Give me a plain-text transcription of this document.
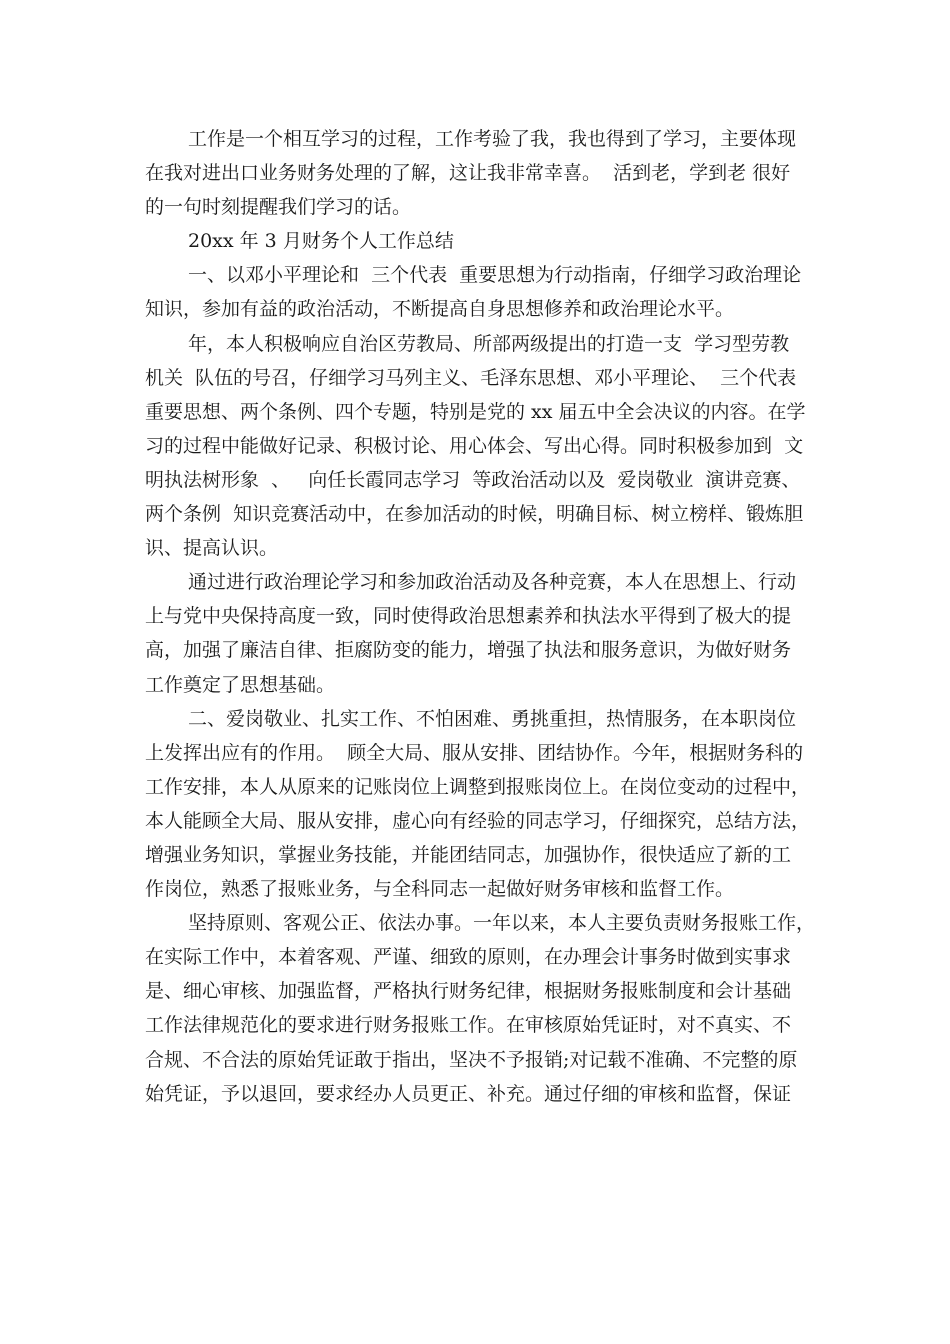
工作是一个相互学习的过程，工作考验了我，我也得到了学习，主要体现
在我对进出口业务财务处理的了解，这让我非常幸喜。  活到老，学到老 很好
的一句时刻提醒我们学习的话。
20xx 年 3 月财务个人工作总结
一、以邓小平理论和  三个代表  重要思想为行动指南，仔细学习政治理论
知识，参加有益的政治活动，不断提高自身思想修养和政治理论水平。
年，本人积极响应自治区劳教局、所部两级提出的打造一支  学习型劳教
机关  队伍的号召，仔细学习马列主义、毛泽东思想、邓小平理论、  三个代表
重要思想、两个条例、四个专题，特别是党的 xx 届五中全会决议的内容。在学
习的过程中能做好记录、积极讨论、用心体会、写出心得。同时积极参加到  文
明执法树形象  、   向任长霞同志学习  等政治活动以及  爱岗敬业  演讲竞赛、
两个条例  知识竞赛活动中，在参加活动的时候，明确目标、树立榜样、锻炼胆
识、提高认识。
通过进行政治理论学习和参加政治活动及各种竞赛，本人在思想上、行动
上与党中央保持高度一致，同时使得政治思想素养和执法水平得到了极大的提
高，加强了廉洁自律、拒腐防变的能力，增强了执法和服务意识，为做好财务
工作奠定了思想基础。
二、爱岗敬业、扎实工作、不怕困难、勇挑重担，热情服务，在本职岗位
上发挥出应有的作用。  顾全大局、服从安排、团结协作。今年，根据财务科的
工作安排，本人从原来的记账岗位上调整到报账岗位上。在岗位变动的过程中，
本人能顾全大局、服从安排，虚心向有经验的同志学习，仔细探究，总结方法，
增强业务知识，掌握业务技能，并能团结同志，加强协作，很快适应了新的工
作岗位，熟悉了报账业务，与全科同志一起做好财务审核和监督工作。
坚持原则、客观公正、依法办事。一年以来，本人主要负责财务报账工作，
在实际工作中，本着客观、严谨、细致的原则，在办理会计事务时做到实事求
是、细心审核、加强监督，严格执行财务纪律，根据财务报账制度和会计基础
工作法律规范化的要求进行财务报账工作。在审核原始凭证时，对不真实、不
合规、不合法的原始凭证敢于指出，坚决不予报销;对记载不准确、不完整的原
始凭证，予以退回，要求经办人员更正、补充。通过仔细的审核和监督，保证
